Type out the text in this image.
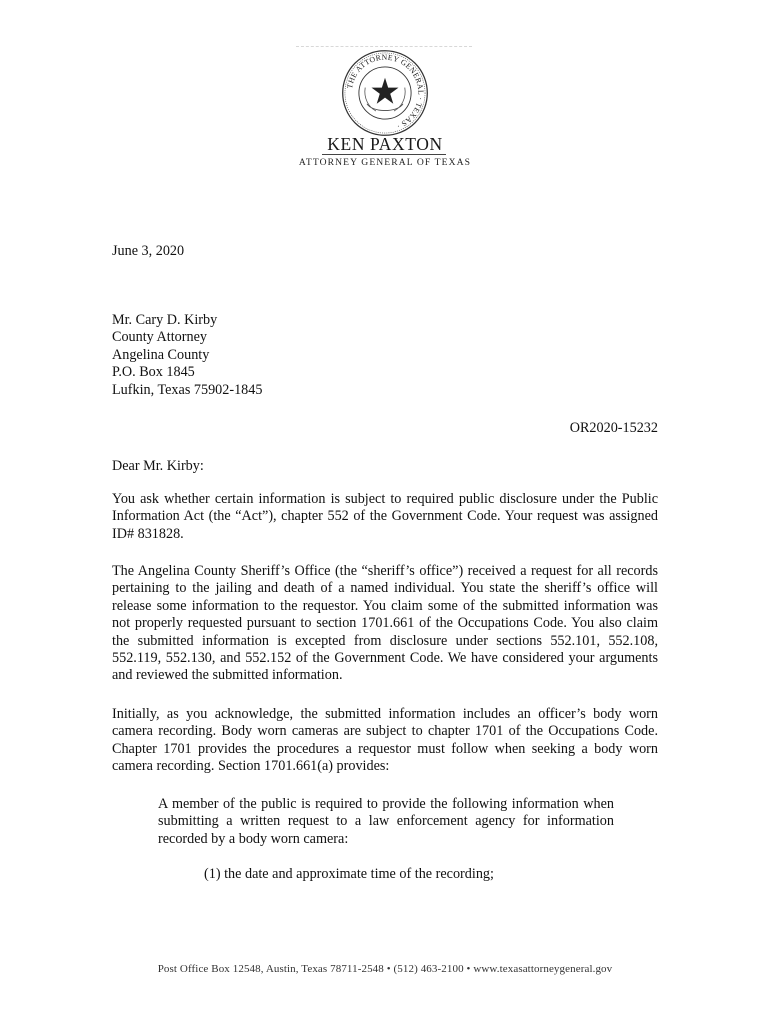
THE ATTORNEY GENERAL · TEXAS ·
KEN PAXTON
ATTORNEY GENERAL OF TEXAS
June 3, 2020
Mr. Cary D. Kirby
County Attorney
Angelina County
P.O. Box 1845
Lufkin, Texas 75902-1845
OR2020-15232
Dear Mr. Kirby:
You ask whether certain information is subject to required public disclosure under the Public Information Act (the “Act”), chapter 552 of the Government Code. Your request was assigned ID# 831828.
The Angelina County Sheriff’s Office (the “sheriff’s office”) received a request for all records pertaining to the jailing and death of a named individual. You state the sheriff’s office will release some information to the requestor. You claim some of the submitted information was not properly requested pursuant to section 1701.661 of the Occupations Code. You also claim the submitted information is excepted from disclosure under sections 552.101, 552.108, 552.119, 552.130, and 552.152 of the Government Code. We have considered your arguments and reviewed the submitted information.
Initially, as you acknowledge, the submitted information includes an officer’s body worn camera recording. Body worn cameras are subject to chapter 1701 of the Occupations Code. Chapter 1701 provides the procedures a requestor must follow when seeking a body worn camera recording. Section 1701.661(a) provides:
A member of the public is required to provide the following information when submitting a written request to a law enforcement agency for information recorded by a body worn camera:
(1) the date and approximate time of the recording;
Post Office Box 12548, Austin, Texas 78711-2548 • (512) 463-2100 • www.texasattorneygeneral.gov
